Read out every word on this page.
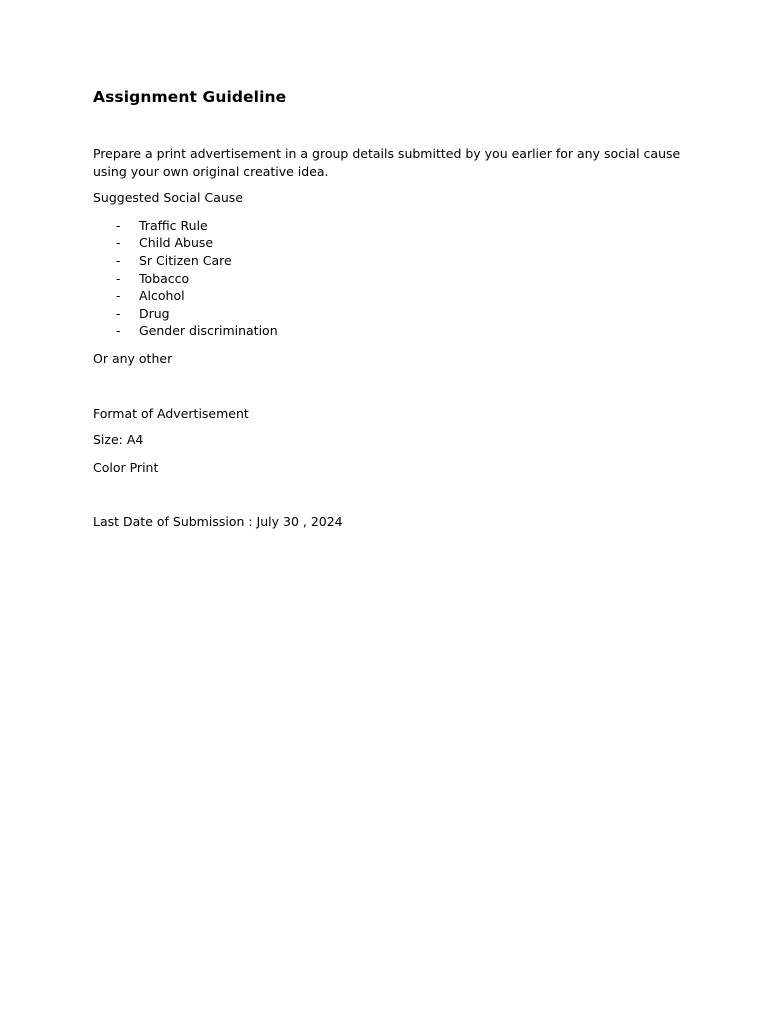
Assignment Guideline

Prepare a print advertisement in a group details submitted by you earlier for any social cause using your own original creative idea.

Suggested Social Cause

- Traffic Rule
- Child Abuse
- Sr Citizen Care
- Tobacco
- Alcohol
- Drug
- Gender discrimination

Or any other

Format of Advertisement

Size: A4

Color Print

Last Date of Submission : July 30 , 2024
